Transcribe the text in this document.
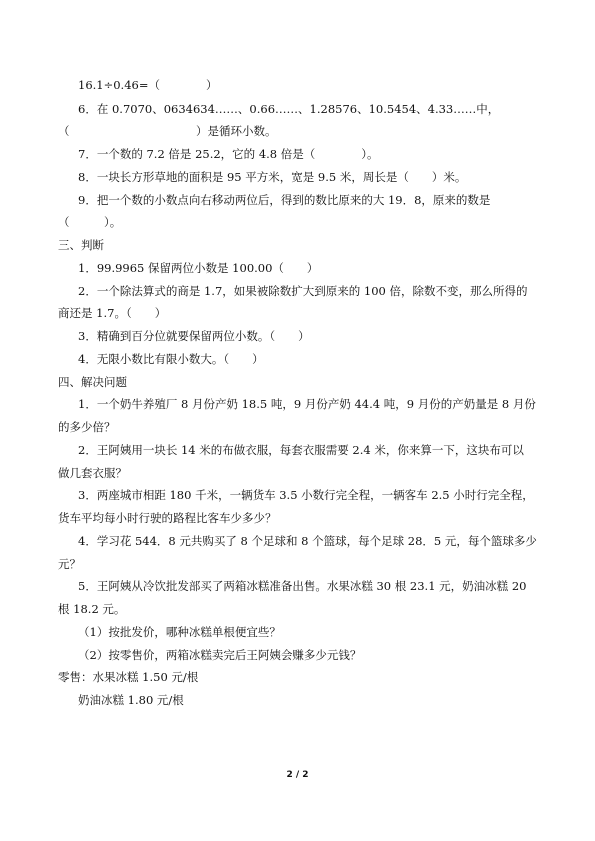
16.1÷0.46=（　　　　）
6．在 0.7070、0634634……、0.66……、1.28576、10.5454、4.33……中，
（　　　　　　　　　　　）是循环小数。
7．一个数的 7.2 倍是 25.2，它的 4.8 倍是（　　　　）。
8．一块长方形草地的面积是 95 平方米，宽是 9.5 米，周长是（　　）米。
9．把一个数的小数点向右移动两位后，得到的数比原来的大 19．8，原来的数是
（　　　）。
三、判断
1．99.9965 保留两位小数是 100.00（　　）
2．一个除法算式的商是 1.7，如果被除数扩大到原来的 100 倍，除数不变，那么所得的
商还是 1.7。（　　）
3．精确到百分位就要保留两位小数。（　　）
4．无限小数比有限小数大。（　　）
四、解决问题
1．一个奶牛养殖厂 8 月份产奶 18.5 吨，9 月份产奶 44.4 吨，9 月份的产奶量是 8 月份
的多少倍？
2．王阿姨用一块长 14 米的布做衣服，每套衣服需要 2.4 米，你来算一下，这块布可以
做几套衣服？
3．两座城市相距 180 千米，一辆货车 3.5 小数行完全程，一辆客车 2.5 小时行完全程，
货车平均每小时行驶的路程比客车少多少？
4．学习花 544．8 元共购买了 8 个足球和 8 个篮球，每个足球 28．5 元，每个篮球多少
元？
5．王阿姨从冷饮批发部买了两箱冰糕准备出售。水果冰糕 30 根 23.1 元，奶油冰糕 20
根 18.2 元。
（1）按批发价，哪种冰糕单根便宜些？
（2）按零售价，两箱冰糕卖完后王阿姨会赚多少元钱？
零售：水果冰糕 1.50 元/根
奶油冰糕 1.80 元/根
2 / 2
